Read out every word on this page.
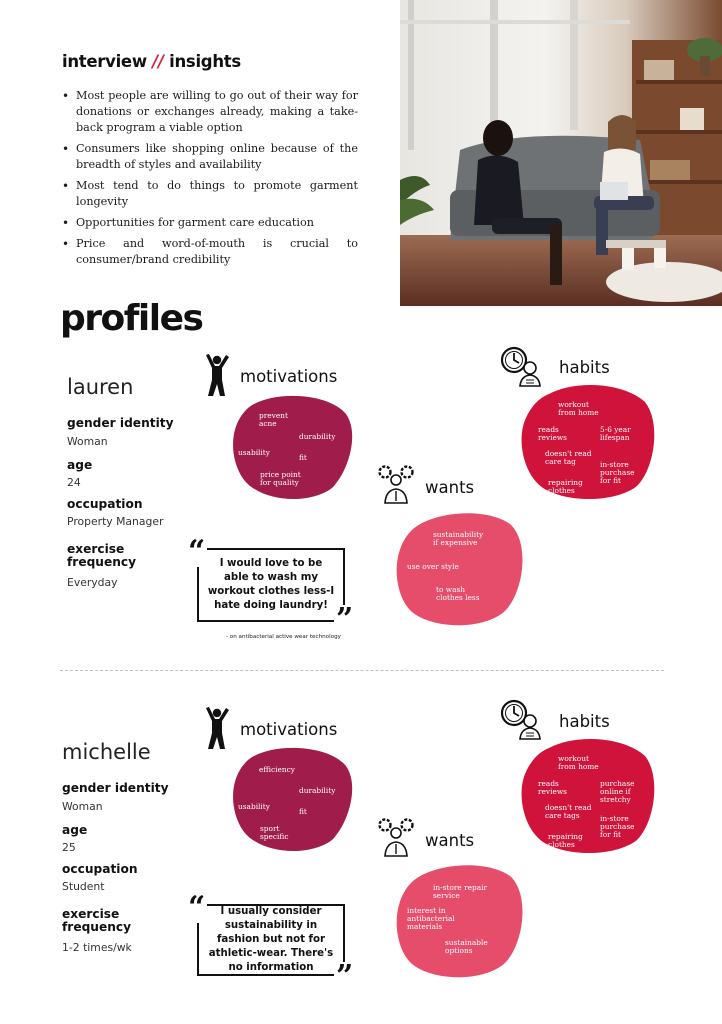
interview // insights
• Most people are willing to go out of their way for donations or exchanges already, making a take-back program a viable option
• Consumers like shopping online because of the breadth of styles and availability
• Most tend to do things to promote garment longevity
• Opportunities for garment care education
• Price and word-of-mouth is crucial to consumer/brand credibility
profiles
lauren
gender identity
Woman
age
24
occupation
Property Manager
exercise
frequency
Everyday
motivations
prevent
acne
durability
usability
fit
price point
for quality
habits
workout
from home
reads
reviews
5-6 year
lifespan
doesn't read
care tag	in-store
purchase
for fit
repairing
clothes
wants
sustainability
if expensive
use over style
to wash
clothes less
I would love to be able to wash my workout clothes less-I hate doing laundry!
“
”
- on antibacterial active wear technology
michelle
gender identity
Woman
age
25
occupation
Student
exercise
frequency
1-2 times/wk
motivations
efficiency
durability
usability
fit
sport
specific
habits
workout
from home
reads
reviews
purchase
online if
stretchy
doesn't read
care tags	in-store
purchase
for fit
repairing
clothes
wants
in-store repair
service
interest in
antibacterial
materials
sustainable
options
I usually consider sustainability in fashion but not for athletic-wear. There's no information
“
”
